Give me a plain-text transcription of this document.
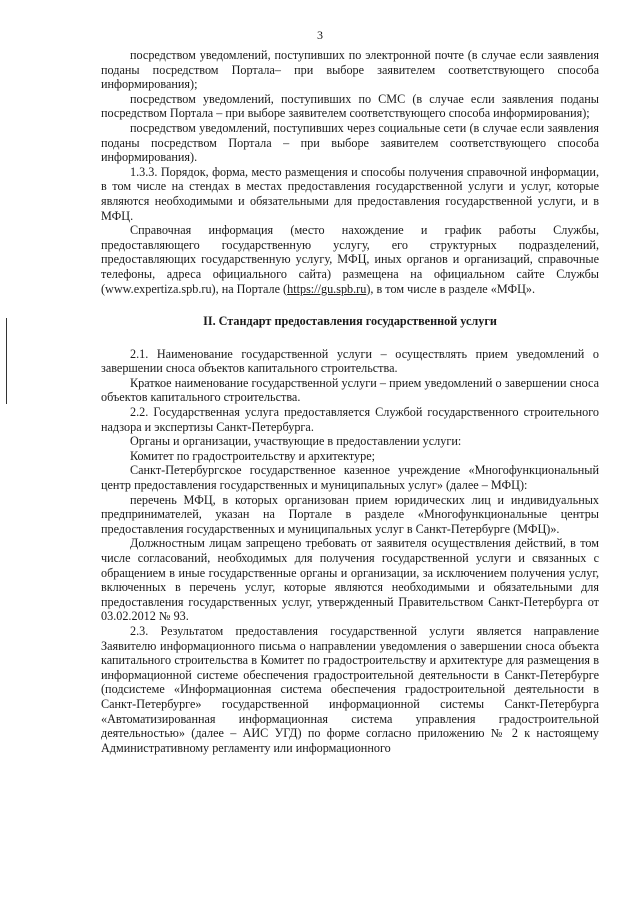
3

посредством уведомлений, поступивших по электронной почте (в случае если заявления поданы посредством Портала– при выборе заявителем соответствующего способа информирования);

посредством уведомлений, поступивших по СМС (в случае если заявления поданы посредством Портала – при выборе заявителем соответствующего способа информирования);

посредством уведомлений, поступивших через социальные сети (в случае если заявления поданы посредством Портала – при выборе заявителем соответствующего способа информирования).

1.3.3. Порядок, форма, место размещения и способы получения справочной информации, в том числе на стендах в местах предоставления государственной услуги и услуг, которые являются необходимыми и обязательными для предоставления государственной услуги, и в МФЦ.

Справочная информация (место нахождение и график работы Службы, предоставляющего государственную услугу, его структурных подразделений, предоставляющих государственную услугу, МФЦ, иных органов и организаций, справочные телефоны, адреса официального сайта) размещена на официальном сайте Службы (www.expertiza.spb.ru), на Портале (https://gu.spb.ru), в том числе в разделе «МФЦ».

II. Стандарт предоставления государственной услуги

2.1. Наименование государственной услуги – осуществлять прием уведомлений о завершении сноса объектов капитального строительства.

Краткое наименование государственной услуги – прием уведомлений о завершении сноса объектов капитального строительства.

2.2. Государственная услуга предоставляется Службой государственного строительного надзора и экспертизы Санкт-Петербурга.

Органы и организации, участвующие в предоставлении услуги:

Комитет по градостроительству и архитектуре;

Санкт-Петербургское государственное казенное учреждение «Многофункциональный центр предоставления государственных и муниципальных услуг» (далее – МФЦ):

перечень МФЦ, в которых организован прием юридических лиц и индивидуальных предпринимателей, указан на Портале в разделе «Многофункциональные центры предоставления государственных и муниципальных услуг в Санкт-Петербурге (МФЦ)».

Должностным лицам запрещено требовать от заявителя осуществления действий, в том числе согласований, необходимых для получения государственной услуги и связанных с обращением в иные государственные органы и организации, за исключением получения услуг, включенных в перечень услуг, которые являются необходимыми и обязательными для предоставления государственных услуг, утвержденный Правительством Санкт-Петербурга от 03.02.2012 № 93.

2.3. Результатом предоставления государственной услуги является направление Заявителю информационного письма о направлении уведомления о завершении сноса объекта капитального строительства в Комитет по градостроительству и архитектуре для размещения в информационной системе обеспечения градостроительной деятельности в Санкт-Петербурге (подсистеме «Информационная система обеспечения градостроительной деятельности в Санкт-Петербурге» государственной информационной системы Санкт-Петербурга «Автоматизированная информационная система управления градостроительной деятельностью» (далее – АИС УГД) по форме согласно приложению № 2 к настоящему Административному регламенту или информационного
